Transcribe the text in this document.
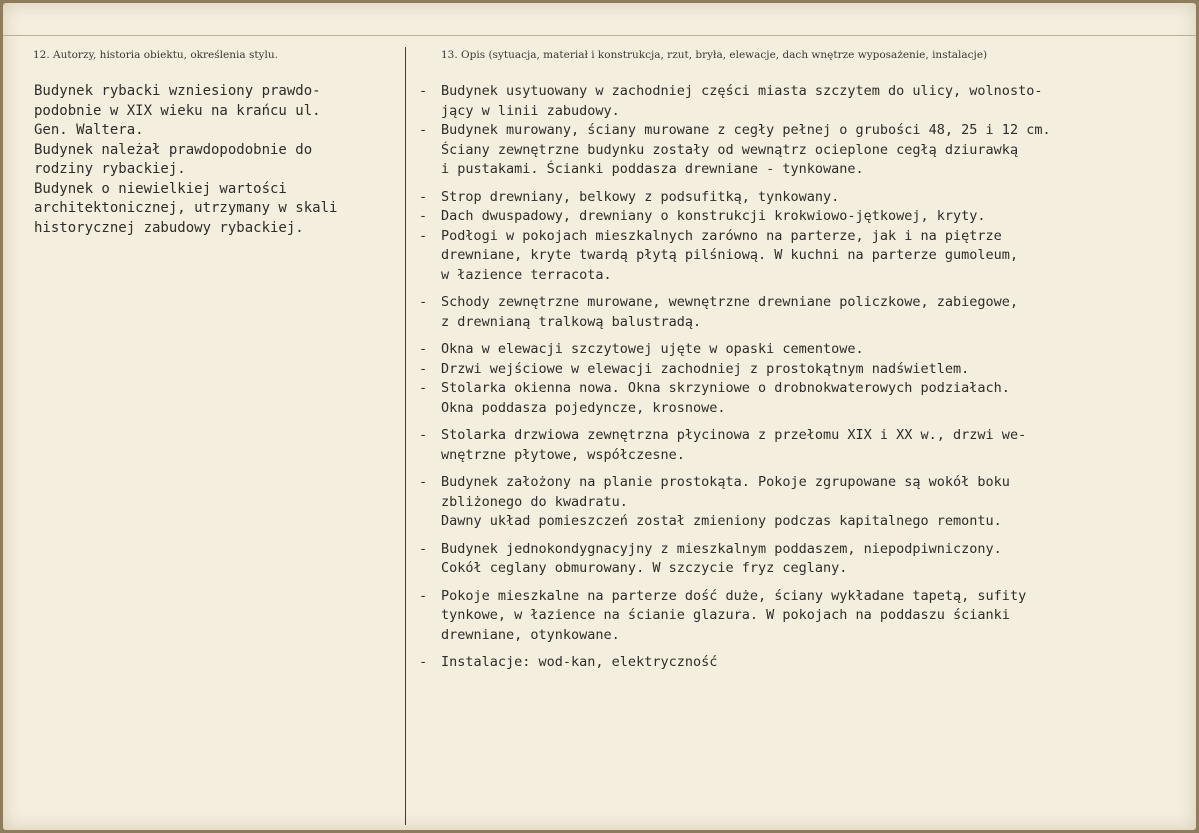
12. Autorzy, historia obiektu, określenia stylu.	13. Opis (sytuacja, materiał i konstrukcja, rzut, bryła, elewacje, dach wnętrze wyposażenie, instalacje)
Budynek rybacki wzniesiony prawdo-
podobnie w XIX wieku na krańcu ul.
Gen. Waltera.
Budynek należał prawdopodobnie do
rodziny rybackiej.
Budynek o niewielkiej wartości
architektonicznej, utrzymany w skali
historycznej zabudowy rybackiej.
- Budynek usytuowany w zachodniej części miasta szczytem do ulicy, wolnosto-
jący w linii zabudowy.
- Budynek murowany, ściany murowane z cegły pełnej o grubości 48, 25 i 12 cm.
Ściany zewnętrzne budynku zostały od wewnątrz ocieplone cegłą dziurawką
i pustakami. Ścianki poddasza drewniane - tynkowane.
- Strop drewniany, belkowy z podsufitką, tynkowany.
- Dach dwuspadowy, drewniany o konstrukcji krokwiowo-jętkowej, kryty.
- Podłogi w pokojach mieszkalnych zarówno na parterze, jak i na piętrze
drewniane, kryte twardą płytą pilśniową. W kuchni na parterze gumoleum,
w łazience terracota.
- Schody zewnętrzne murowane, wewnętrzne drewniane policzkowe, zabiegowe,
z drewnianą tralkową balustradą.
- Okna w elewacji szczytowej ujęte w opaski cementowe.
- Drzwi wejściowe w elewacji zachodniej z prostokątnym nadświetlem.
- Stolarka okienna nowa. Okna skrzyniowe o drobnokwaterowych podziałach.
Okna poddasza pojedyncze, krosnowe.
- Stolarka drzwiowa zewnętrzna płycinowa z przełomu XIX i XX w., drzwi we-
wnętrzne płytowe, współczesne.
- Budynek założony na planie prostokąta. Pokoje zgrupowane są wokół boku
zbliżonego do kwadratu.
Dawny układ pomieszczeń został zmieniony podczas kapitalnego remontu.
- Budynek jednokondygnacyjny z mieszkalnym poddaszem, niepodpiwniczony.
Cokół ceglany obmurowany. W szczycie fryz ceglany.
- Pokoje mieszkalne na parterze dość duże, ściany wykładane tapetą, sufity
tynkowe, w łazience na ścianie glazura. W pokojach na poddaszu ścianki
drewniane, otynkowane.
- Instalacje: wod-kan, elektryczność
